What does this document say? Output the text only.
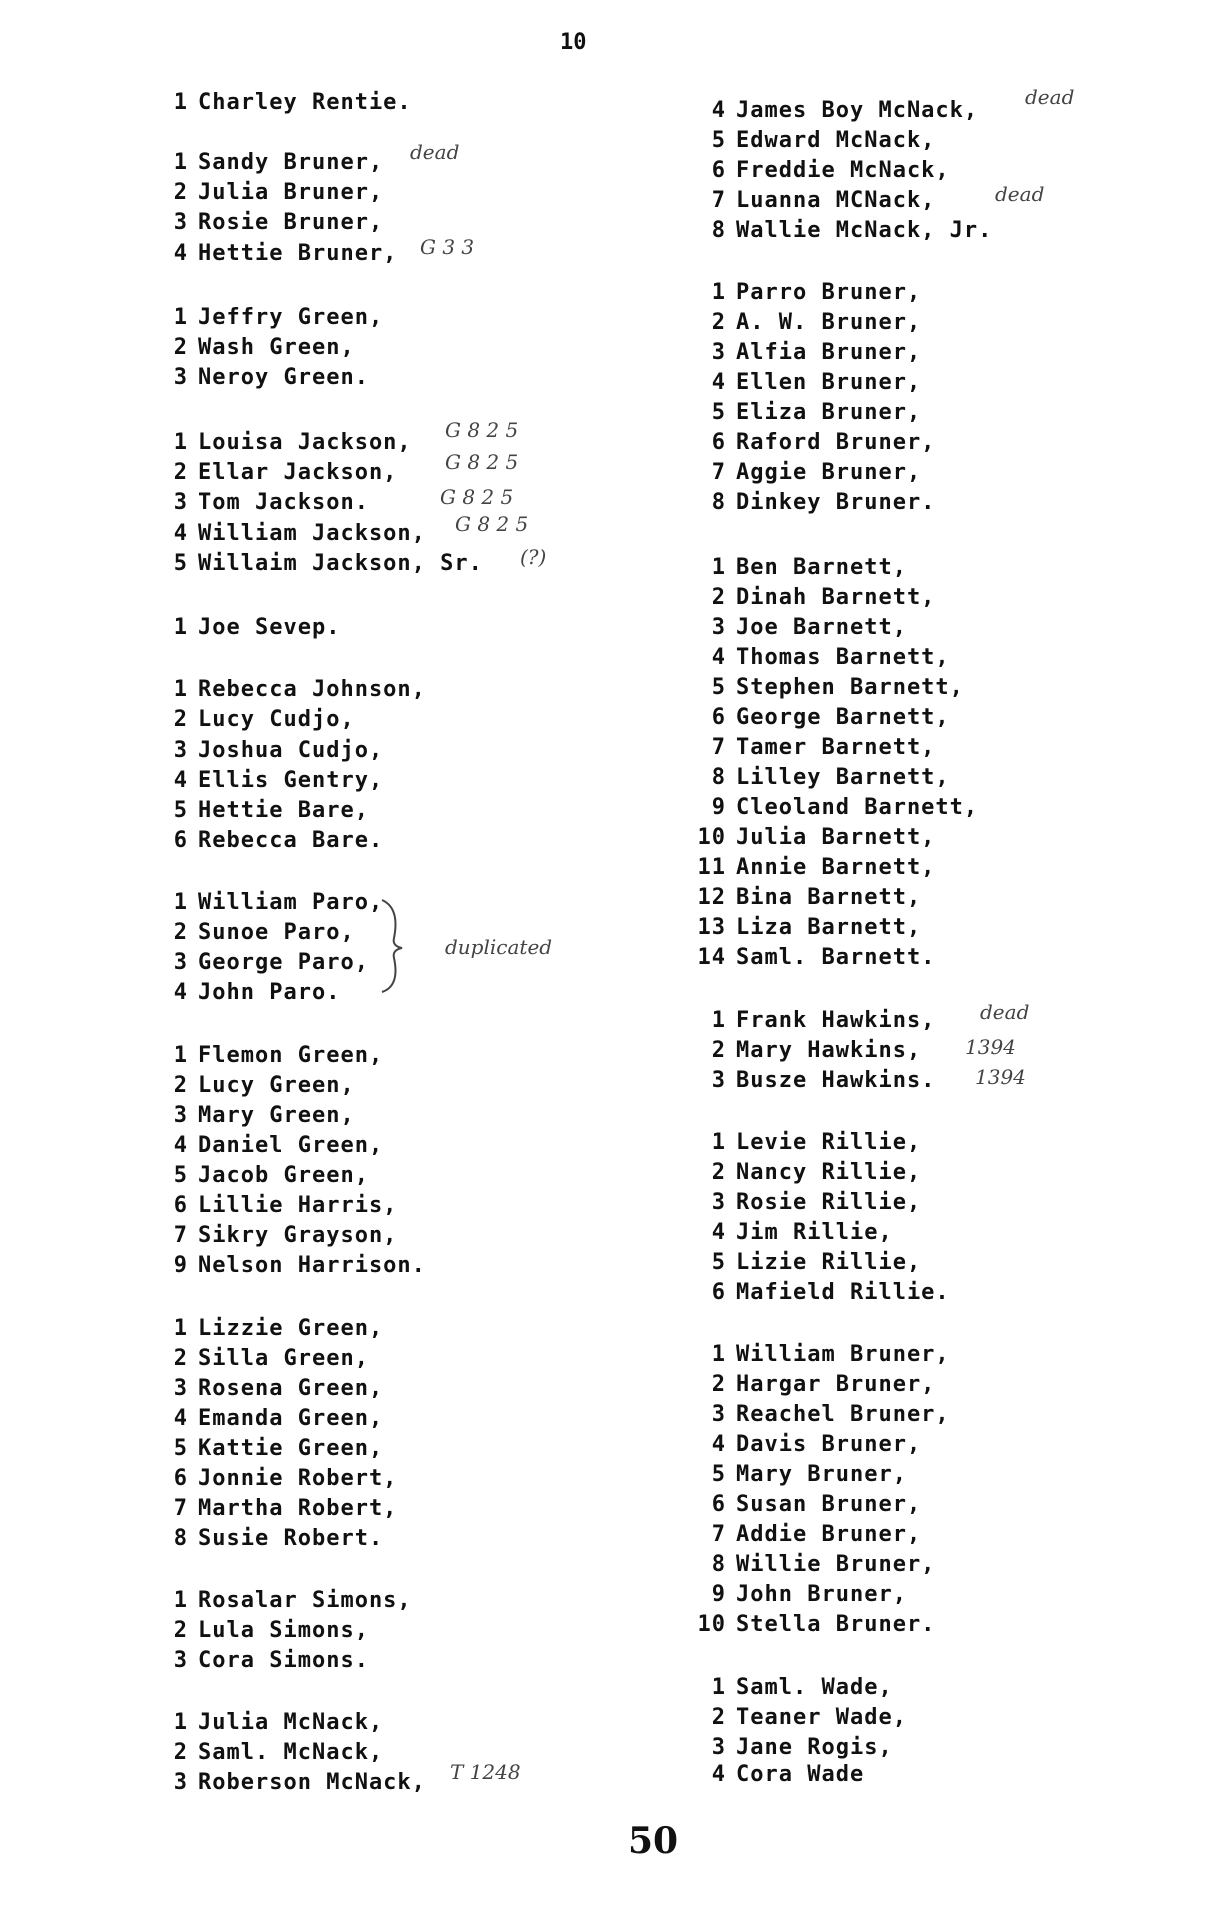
10

1 Charley Rentie.
1 Sandy Bruner,
2 Julia Bruner,
3 Rosie Bruner,
4 Hettie Bruner,
1 Jeffry Green,
2 Wash Green,
3 Neroy Green.
1 Louisa Jackson,
2 Ellar Jackson,
3 Tom Jackson.
4 William Jackson,
5 Willaim Jackson, Sr.
1 Joe Sevep.
1 Rebecca Johnson,
2 Lucy Cudjo,
3 Joshua Cudjo,
4 Ellis Gentry,
5 Hettie Bare,
6 Rebecca Bare.
1 William Paro,
2 Sunoe Paro,
3 George Paro,
4 John Paro.
1 Flemon Green,
2 Lucy Green,
3 Mary Green,
4 Daniel Green,
5 Jacob Green,
6 Lillie Harris,
7 Sikry Grayson,
9 Nelson Harrison.
1 Lizzie Green,
2 Silla Green,
3 Rosena Green,
4 Emanda Green,
5 Kattie Green,
6 Jonnie Robert,
7 Martha Robert,
8 Susie Robert.
1 Rosalar Simons,
2 Lula Simons,
3 Cora Simons.
1 Julia McNack,
2 Saml. McNack,
3 Roberson McNack,
4 James Boy McNack,
5 Edward McNack,
6 Freddie McNack,
7 Luanna MCNack,
8 Wallie McNack, Jr.
1 Parro Bruner,
2 A. W. Bruner,
3 Alfia Bruner,
4 Ellen Bruner,
5 Eliza Bruner,
6 Raford Bruner,
7 Aggie Bruner,
8 Dinkey Bruner.
1 Ben Barnett,
2 Dinah Barnett,
3 Joe Barnett,
4 Thomas Barnett,
5 Stephen Barnett,
6 George Barnett,
7 Tamer Barnett,
8 Lilley Barnett,
9 Cleoland Barnett,
10 Julia Barnett,
11 Annie Barnett,
12 Bina Barnett,
13 Liza Barnett,
14 Saml. Barnett.
1 Frank Hawkins,
2 Mary Hawkins,
3 Busze Hawkins.
1 Levie Rillie,
2 Nancy Rillie,
3 Rosie Rillie,
4 Jim Rillie,
5 Lizie Rillie,
6 Mafield Rillie.
1 William Bruner,
2 Hargar Bruner,
3 Reachel Bruner,
4 Davis Bruner,
5 Mary Bruner,
6 Susan Bruner,
7 Addie Bruner,
8 Willie Bruner,
9 John Bruner,
10 Stella Bruner.
1 Saml. Wade,
2 Teaner Wade,
3 Jane Rogis,
4 Cora Wade
dead
G 3 3
G 8 2 5
G 8 2 5
G 8 2 5
G 8 2 5
(?)
duplicated
dead
dead
dead
1394
1394
T 1248
50
